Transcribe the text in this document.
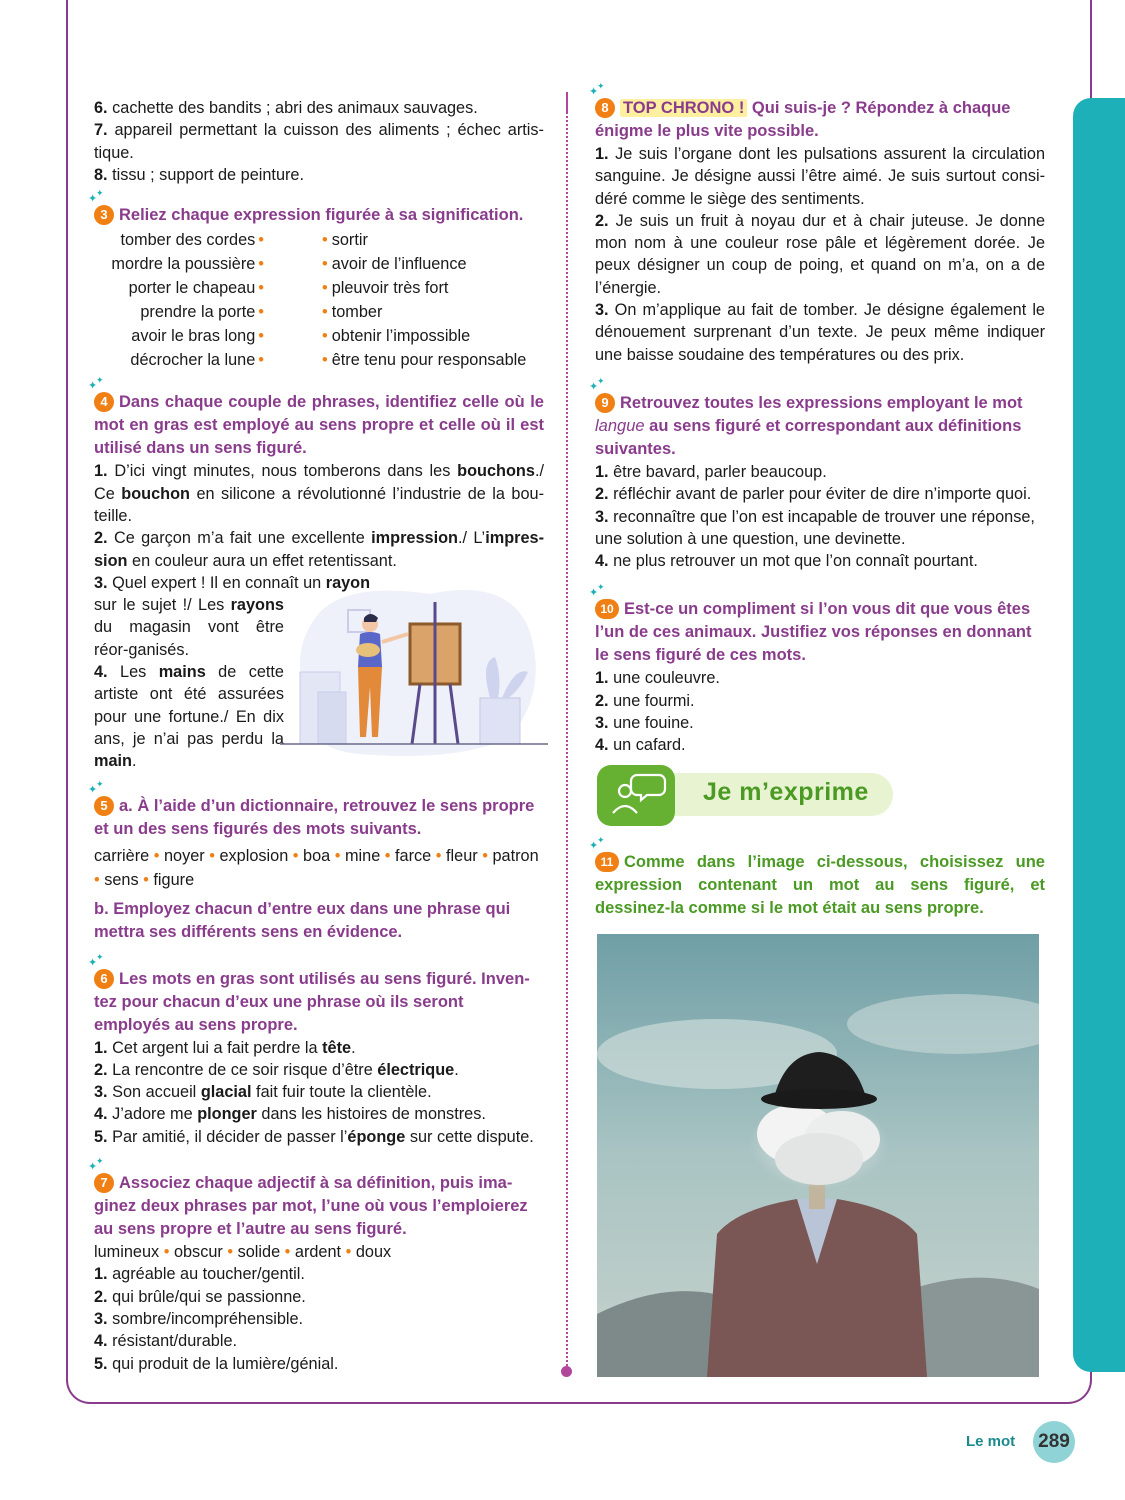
6. cachette des bandits ; abri des animaux sauvages.
7. appareil permettant la cuisson des aliments ; échec artis-tique.
8. tissu ; support de peinture.
✦
✦
3 Reliez chaque expression figurée à sa signification.
tomber des cordes •	• sortir
mordre la poussière •	• avoir de l’influence
porter le chapeau •	• pleuvoir très fort
prendre la porte •	• tomber
avoir le bras long •	• obtenir l’impossible
décrocher la lune •	• être tenu pour responsable
✦
✦
4 Dans chaque couple de phrases, identifiez celle où le mot en gras est employé au sens propre et celle où il est utilisé dans un sens figuré.
1. D’ici vingt minutes, nous tomberons dans les bouchons./ Ce bouchon en silicone a révolutionné l’industrie de la bou-teille.
2. Ce garçon m’a fait une excellente impression./ L’impres-sion en couleur aura un effet retentissant.
3. Quel expert ! Il en connaît un rayon
sur le sujet !/ Les rayons du magasin vont être réor-ganisés.
4. Les mains de cette artiste ont été assurées pour une fortune./ En dix ans, je n’ai pas perdu la main.
✦
✦
5 a. À l’aide d’un dictionnaire, retrouvez le sens propre et un des sens figurés des mots suivants.
carrière • noyer • explosion • boa • mine • farce • fleur • patron • sens • figure
b. Employez chacun d’entre eux dans une phrase qui mettra ses différents sens en évidence.
✦
✦
6 Les mots en gras sont utilisés au sens figuré. Inven-tez pour chacun d’eux une phrase où ils seront employés au sens propre.
1. Cet argent lui a fait perdre la tête.
2. La rencontre de ce soir risque d’être électrique.
3. Son accueil glacial fait fuir toute la clientèle.
4. J’adore me plonger dans les histoires de monstres.
5. Par amitié, il décider de passer l’éponge sur cette dispute.
✦
✦
7 Associez chaque adjectif à sa définition, puis ima-ginez deux phrases par mot, l’une où vous l’emploierez au sens propre et l’autre au sens figuré.
lumineux • obscur • solide • ardent • doux
1. agréable au toucher/gentil.
2. qui brûle/qui se passionne.
3. sombre/incompréhensible.
4. résistant/durable.
5. qui produit de la lumière/génial.
✦
✦
8 TOP CHRONO ! Qui suis-je ? Répondez à chaque énigme le plus vite possible.
1. Je suis l’organe dont les pulsations assurent la circulation sanguine. Je désigne aussi l’être aimé. Je suis surtout consi-déré comme le siège des sentiments.
2. Je suis un fruit à noyau dur et à chair juteuse. Je donne mon nom à une couleur rose pâle et légèrement dorée. Je peux désigner un coup de poing, et quand on m’a, on a de l’énergie.
3. On m’applique au fait de tomber. Je désigne également le dénouement surprenant d’un texte. Je peux même indiquer une baisse soudaine des températures ou des prix.
✦
✦
9 Retrouvez toutes les expressions employant le mot langue au sens figuré et correspondant aux définitions suivantes.
1. être bavard, parler beaucoup.
2. réfléchir avant de parler pour éviter de dire n’importe quoi.
3. reconnaître que l’on est incapable de trouver une réponse, une solution à une question, une devinette.
4. ne plus retrouver un mot que l’on connaît pourtant.
✦
✦
10 Est-ce un compliment si l’on vous dit que vous êtes l’un de ces animaux. Justifiez vos réponses en donnant le sens figuré de ces mots.
1. une couleuvre.
2. une fourmi.
3. une fouine.
4. un cafard.
Je m’exprime
✦
✦
11 Comme dans l’image ci-dessous, choisissez une expression contenant un mot au sens figuré, et dessinez-la comme si le mot était au sens propre.
Le mot 289
